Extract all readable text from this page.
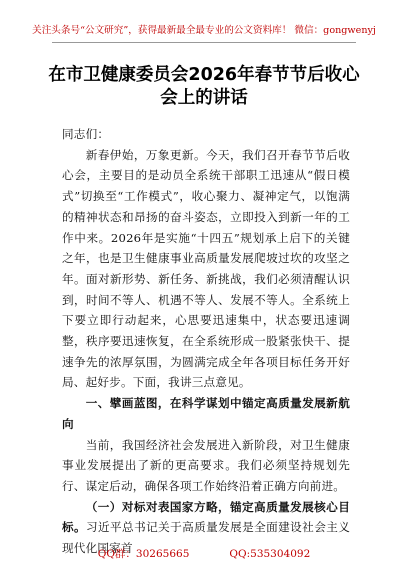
关注头条号“公文研究”，获得最新最全最专业的公文资料库！ 微信：gongwenyj
在市卫健康委员会2026年春节节后收心
会上的讲话

同志们：

新春伊始，万象更新。今天，我们召开春节节后收心会，主要目的是动员全系统干部职工迅速从“假日模式”切换至“工作模式”，收心聚力、凝神定气，以饱满的精神状态和昂扬的奋斗姿态，立即投入到新一年的工作中来。2026年是实施“十四五”规划承上启下的关键之年，也是卫生健康事业高质量发展爬坡过坎的攻坚之年。面对新形势、新任务、新挑战，我们必须清醒认识到，时间不等人、机遇不等人、发展不等人。全系统上下要立即行动起来，心思要迅速集中，状态要迅速调整，秩序要迅速恢复，在全系统形成一股紧张快干、提速争先的浓厚氛围，为圆满完成全年各项目标任务开好局、起好步。下面，我讲三点意见。

一、擘画蓝图，在科学谋划中锚定高质量发展新航向

当前，我国经济社会发展进入新阶段，对卫生健康事业发展提出了新的更高要求。我们必须坚持规划先行、谋定后动，确保各项工作始终沿着正确方向前进。

（一）对标对表国家方略，锚定高质量发展核心目标。习近平总书记关于高质量发展是全面建设社会主义现代化国家首

QQ群：30265665	QQ:535304092
